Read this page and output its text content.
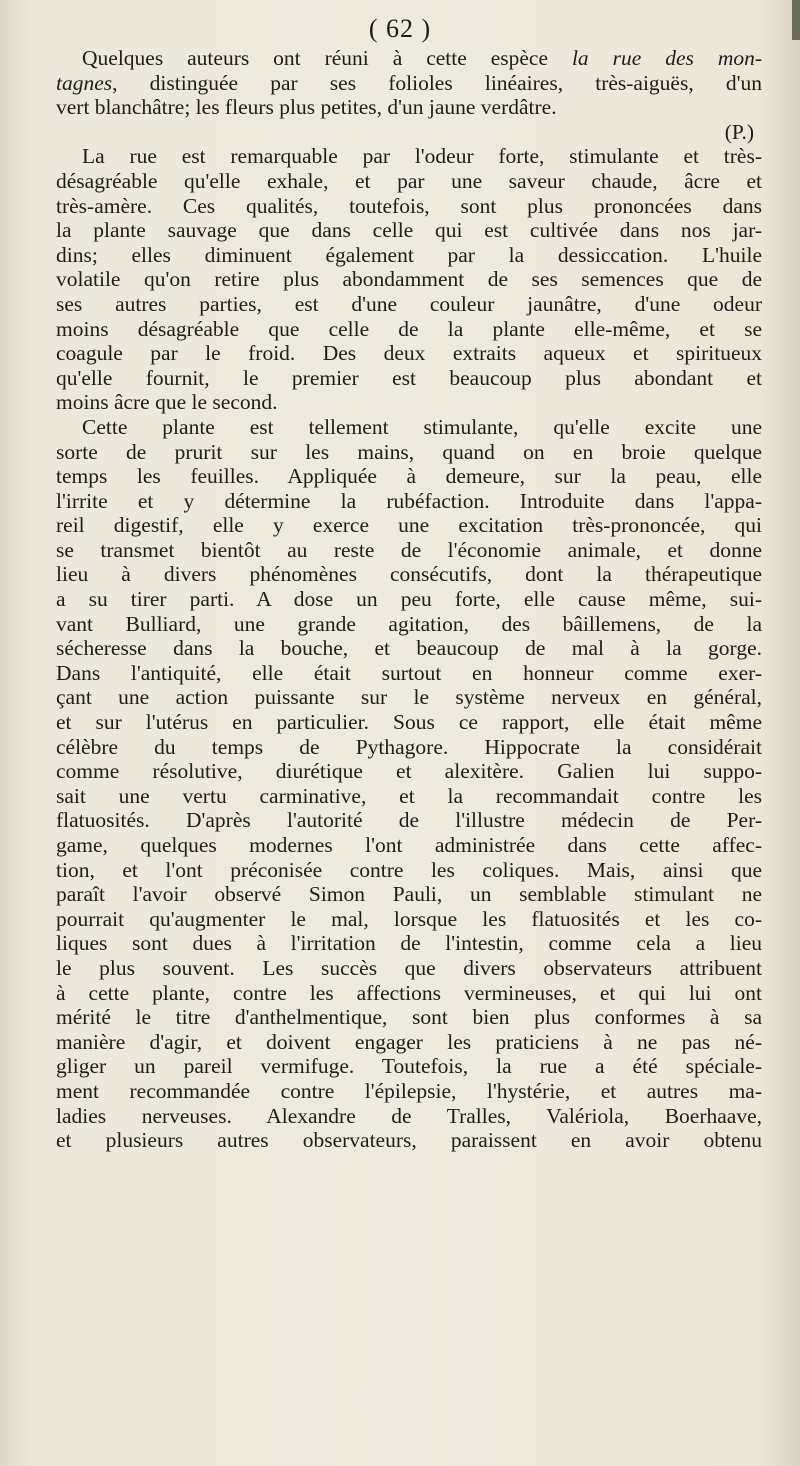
( 62 )
Quelques auteurs ont réuni à cette espèce la rue des mon-
tagnes, distinguée par ses folioles linéaires, très-aiguës, d'un
vert blanchâtre; les fleurs plus petites, d'un jaune verdâtre.
(P.)
La rue est remarquable par l'odeur forte, stimulante et très-
désagréable qu'elle exhale, et par une saveur chaude, âcre et
très-amère. Ces qualités, toutefois, sont plus prononcées dans
la plante sauvage que dans celle qui est cultivée dans nos jar-
dins; elles diminuent également par la dessiccation. L'huile
volatile qu'on retire plus abondamment de ses semences que de
ses autres parties, est d'une couleur jaunâtre, d'une odeur
moins désagréable que celle de la plante elle-même, et se
coagule par le froid. Des deux extraits aqueux et spiritueux
qu'elle fournit, le premier est beaucoup plus abondant et
moins âcre que le second.
Cette plante est tellement stimulante, qu'elle excite une
sorte de prurit sur les mains, quand on en broie quelque
temps les feuilles. Appliquée à demeure, sur la peau, elle
l'irrite et y détermine la rubéfaction. Introduite dans l'appa-
reil digestif, elle y exerce une excitation très-prononcée, qui
se transmet bientôt au reste de l'économie animale, et donne
lieu à divers phénomènes consécutifs, dont la thérapeutique
a su tirer parti. A dose un peu forte, elle cause même, sui-
vant Bulliard, une grande agitation, des bâillemens, de la
sécheresse dans la bouche, et beaucoup de mal à la gorge.
Dans l'antiquité, elle était surtout en honneur comme exer-
çant une action puissante sur le système nerveux en général,
et sur l'utérus en particulier. Sous ce rapport, elle était même
célèbre du temps de Pythagore. Hippocrate la considérait
comme résolutive, diurétique et alexitère. Galien lui suppo-
sait une vertu carminative, et la recommandait contre les
flatuosités. D'après l'autorité de l'illustre médecin de Per-
game, quelques modernes l'ont administrée dans cette affec-
tion, et l'ont préconisée contre les coliques. Mais, ainsi que
paraît l'avoir observé Simon Pauli, un semblable stimulant ne
pourrait qu'augmenter le mal, lorsque les flatuosités et les co-
liques sont dues à l'irritation de l'intestin, comme cela a lieu
le plus souvent. Les succès que divers observateurs attribuent
à cette plante, contre les affections vermineuses, et qui lui ont
mérité le titre d'anthelmentique, sont bien plus conformes à sa
manière d'agir, et doivent engager les praticiens à ne pas né-
gliger un pareil vermifuge. Toutefois, la rue a été spéciale-
ment recommandée contre l'épilepsie, l'hystérie, et autres ma-
ladies nerveuses. Alexandre de Tralles, Valériola, Boerhaave,
et plusieurs autres observateurs, paraissent en avoir obtenu
